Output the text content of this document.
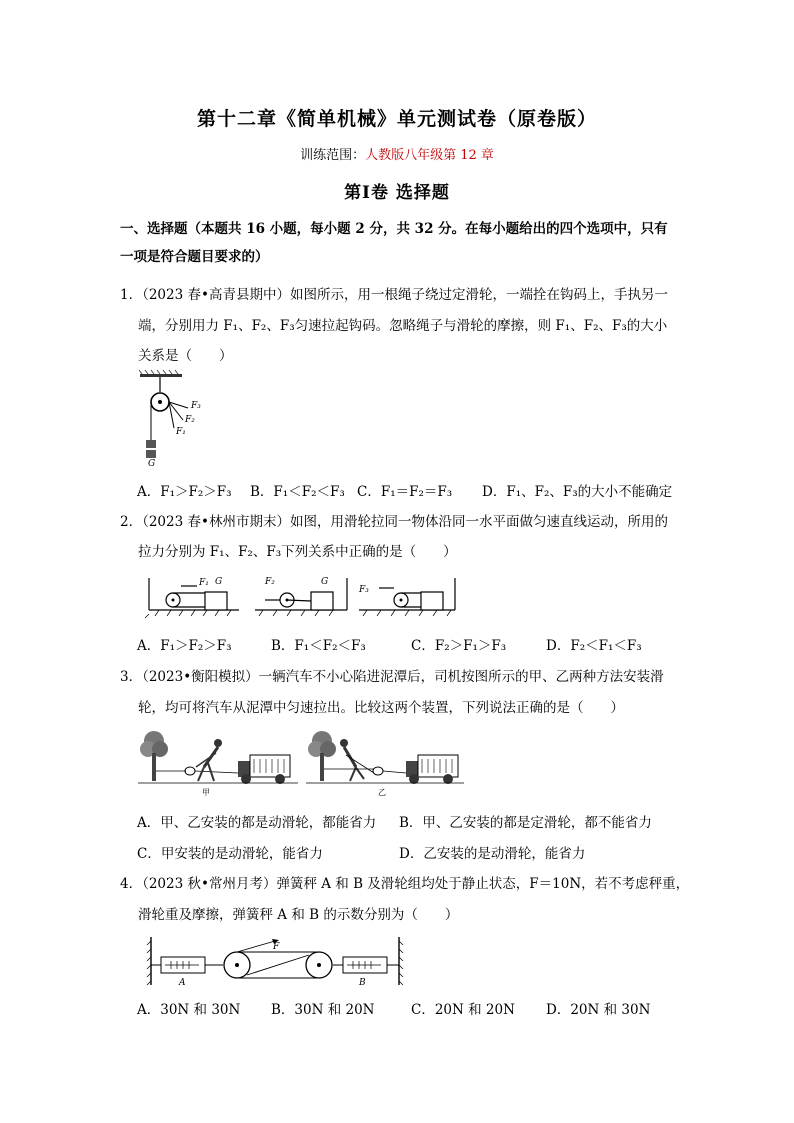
第十二章《简单机械》单元测试卷（原卷版）
训练范围：人教版八年级第 12 章
第Ⅰ卷 选择题
一、选择题（本题共 16 小题，每小题 2 分，共 32 分。在每小题给出的四个选项中，只有
一项是符合题目要求的）
1．（2023 春•高青县期中）如图所示，用一根绳子绕过定滑轮，一端拴在钩码上，手执另一
端，分别用力 F₁、F₂、F₃匀速拉起钩码。忽略绳子与滑轮的摩擦，则 F₁、F₂、F₃的大小
关系是（　　）
F₃
F₂
F₁
G
A．F₁＞F₂＞F₃ B．F₁＜F₂＜F₃ C．F₁＝F₂＝F₃ D．F₁、F₂、F₃的大小不能确定
2．（2023 春•林州市期末）如图，用滑轮拉同一物体沿同一水平面做匀速直线运动，所用的
拉力分别为 F₁、F₂、F₃下列关系中正确的是（　　）
F₁ G	F₂	G
F₃
A．F₁＞F₂＞F₃	B．F₁＜F₂＜F₃	C．F₂＞F₁＞F₃	D．F₂＜F₁＜F₃
3．（2023•衡阳模拟）一辆汽车不小心陷进泥潭后，司机按图所示的甲、乙两种方法安装滑
轮，均可将汽车从泥潭中匀速拉出。比较这两个装置，下列说法正确的是（　　）
甲	乙
A．甲、乙安装的都是动滑轮，都能省力 B．甲、乙安装的都是定滑轮，都不能省力
C．甲安装的是动滑轮，能省力	D．乙安装的是动滑轮，能省力
4．（2023 秋•常州月考）弹簧秤 A 和 B 及滑轮组均处于静止状态，F＝10N，若不考虑秤重，
滑轮重及摩擦，弹簧秤 A 和 B 的示数分别为（　　）
F
A	B
A．30N 和 30N B．30N 和 20N	C．20N 和 20N D．20N 和 30N
